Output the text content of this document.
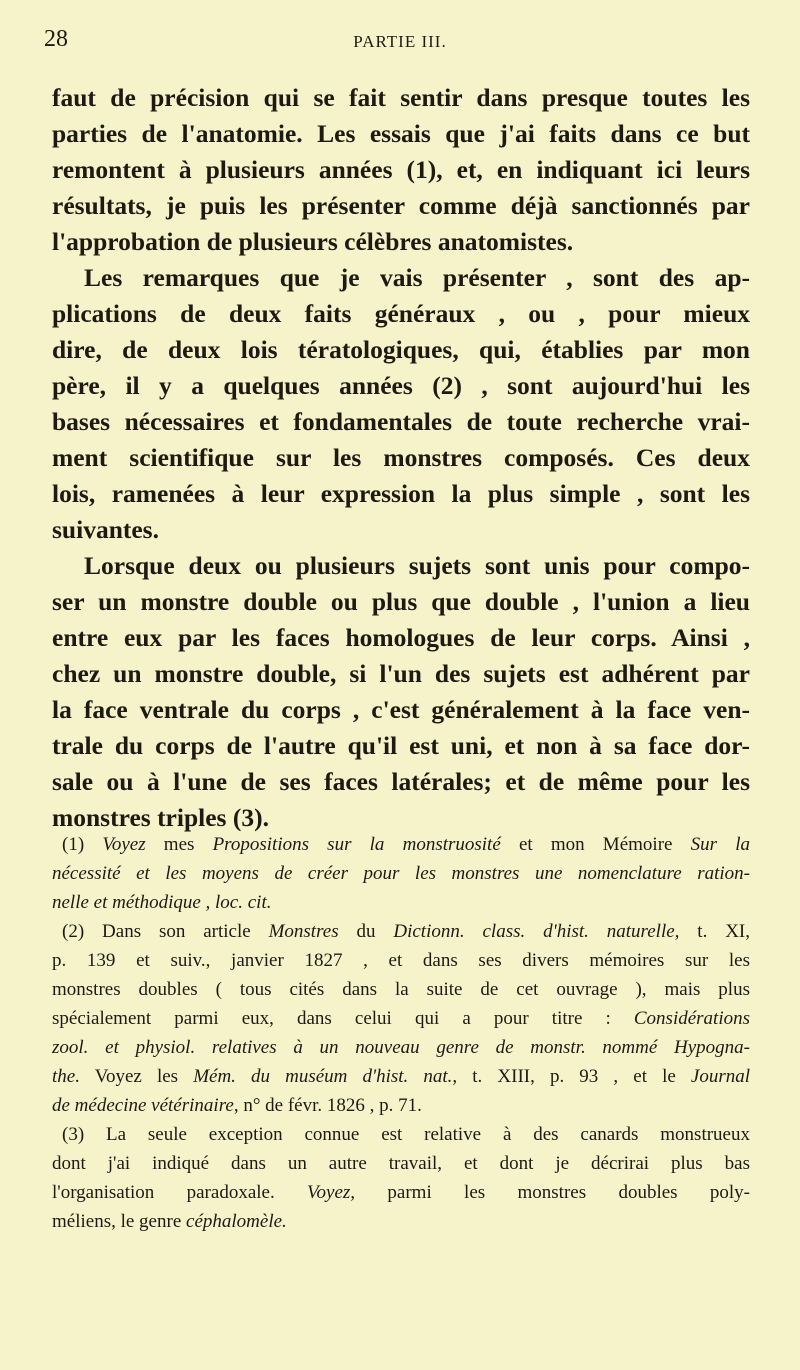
28	PARTIE III.
faut de précision qui se fait sentir dans presque toutes les
parties de l'anatomie. Les essais que j'ai faits dans ce but
remontent à plusieurs années (1), et, en indiquant ici leurs
résultats, je puis les présenter comme déjà sanctionnés par
l'approbation de plusieurs célèbres anatomistes.
Les remarques que je vais présenter , sont des ap-
plications de deux faits généraux , ou , pour mieux
dire, de deux lois tératologiques, qui, établies par mon
père, il y a quelques années (2) , sont aujourd'hui les
bases nécessaires et fondamentales de toute recherche vrai-
ment scientifique sur les monstres composés. Ces deux
lois, ramenées à leur expression la plus simple , sont les
suivantes.
Lorsque deux ou plusieurs sujets sont unis pour compo-
ser un monstre double ou plus que double , l'union a lieu
entre eux par les faces homologues de leur corps. Ainsi ,
chez un monstre double, si l'un des sujets est adhérent par
la face ventrale du corps , c'est généralement à la face ven-
trale du corps de l'autre qu'il est uni, et non à sa face dor-
sale ou à l'une de ses faces latérales; et de même pour les
monstres triples (3).
(1) Voyez mes Propositions sur la monstruosité et mon Mémoire Sur la
nécessité et les moyens de créer pour les monstres une nomenclature ration-
nelle et méthodique , loc. cit.
(2) Dans son article Monstres du Dictionn. class. d'hist. naturelle, t. XI,
p. 139 et suiv., janvier 1827 , et dans ses divers mémoires sur les
monstres doubles ( tous cités dans la suite de cet ouvrage ), mais plus
spécialement parmi eux, dans celui qui a pour titre : Considérations
zool. et physiol. relatives à un nouveau genre de monstr. nommé Hypogna-
the. Voyez les Mém. du muséum d'hist. nat., t. XIII, p. 93 , et le Journal
de médecine vétérinaire, n° de févr. 1826 , p. 71.
(3) La seule exception connue est relative à des canards monstrueux
dont j'ai indiqué dans un autre travail, et dont je décrirai plus bas
l'organisation paradoxale. Voyez, parmi les monstres doubles poly-
méliens, le genre céphalomèle.
